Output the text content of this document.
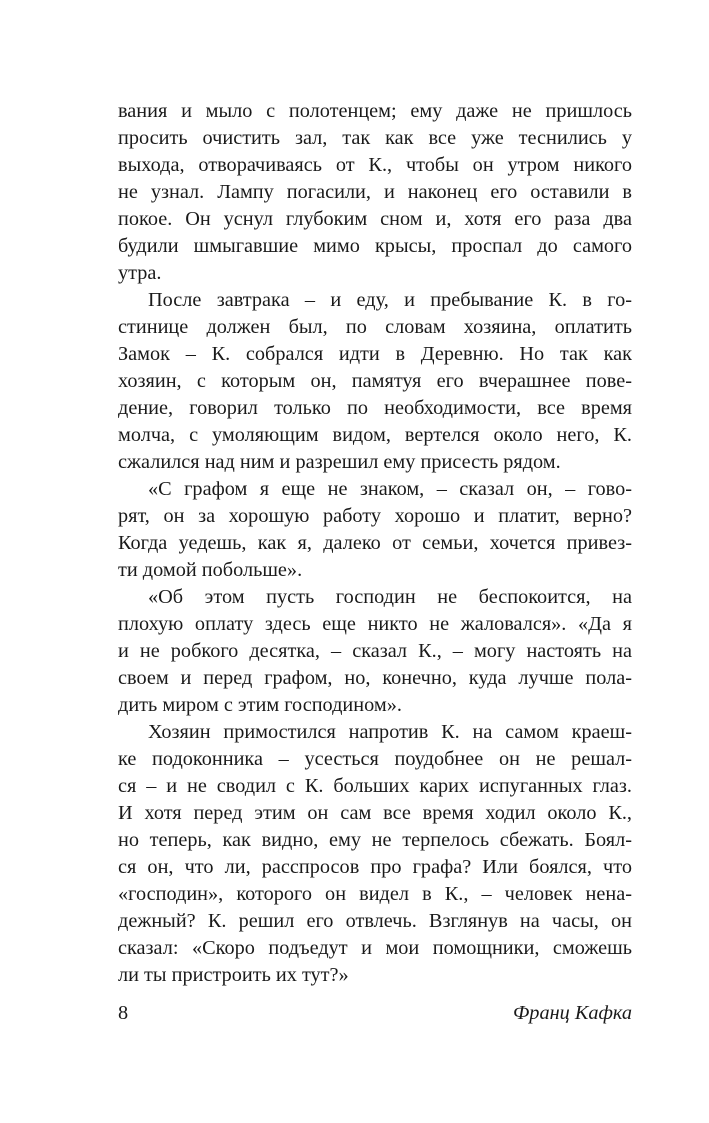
вания и мыло с полотенцем; ему даже не пришлось
просить очистить зал, так как все уже теснились у
выхода, отворачиваясь от К., чтобы он утром никого
не узнал. Лампу погасили, и наконец его оставили в
покое. Он уснул глубоким сном и, хотя его раза два
будили шмыгавшие мимо крысы, проспал до самого
утра.
После завтрака – и еду, и пребывание К. в го-
стинице должен был, по словам хозяина, оплатить
Замок – К. собрался идти в Деревню. Но так как
хозяин, с которым он, памятуя его вчерашнее пове-
дение, говорил только по необходимости, все время
молча, с умоляющим видом, вертелся около него, К.
сжалился над ним и разрешил ему присесть рядом.
«С графом я еще не знаком, – сказал он, – гово-
рят, он за хорошую работу хорошо и платит, верно?
Когда уедешь, как я, далеко от семьи, хочется привез-
ти домой побольше».
«Об этом пусть господин не беспокоится, на
плохую оплату здесь еще никто не жаловался». «Да я
и не робкого десятка, – сказал К., – могу настоять на
своем и перед графом, но, конечно, куда лучше пола-
дить миром с этим господином».
Хозяин примостился напротив К. на самом краеш-
ке подоконника – усесться поудобнее он не решал-
ся – и не сводил с К. больших карих испуганных глаз.
И хотя перед этим он сам все время ходил около К.,
но теперь, как видно, ему не терпелось сбежать. Боял-
ся он, что ли, расспросов про графа? Или боялся, что
«господин», которого он видел в К., – человек нена-
дежный? К. решил его отвлечь. Взглянув на часы, он
сказал: «Скоро подъедут и мои помощники, сможешь
ли ты пристроить их тут?»
8	Франц Кафка
